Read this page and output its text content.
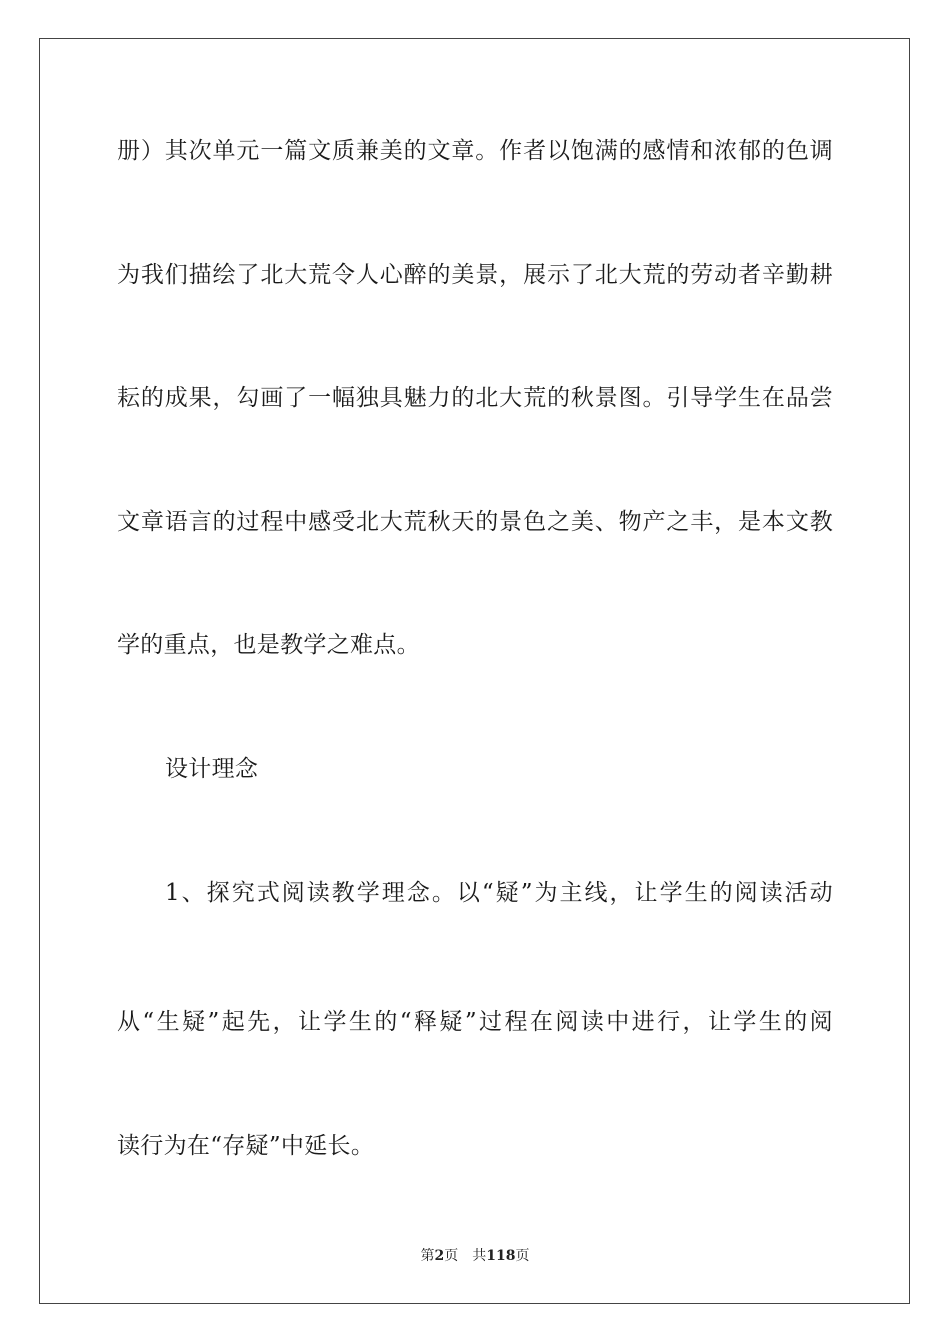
册）其次单元一篇文质兼美的文章。作者以饱满的感情和浓郁的色调
为我们描绘了北大荒令人心醉的美景，展示了北大荒的劳动者辛勤耕
耘的成果，勾画了一幅独具魅力的北大荒的秋景图。引导学生在品尝
文章语言的过程中感受北大荒秋天的景色之美、物产之丰，是本文教
学的重点，也是教学之难点。
设计理念
1、探究式阅读教学理念。以“疑”为主线，让学生的阅读活动
从“生疑”起先，让学生的“释疑”过程在阅读中进行，让学生的阅
读行为在“存疑”中延长。
第2页 共118页
